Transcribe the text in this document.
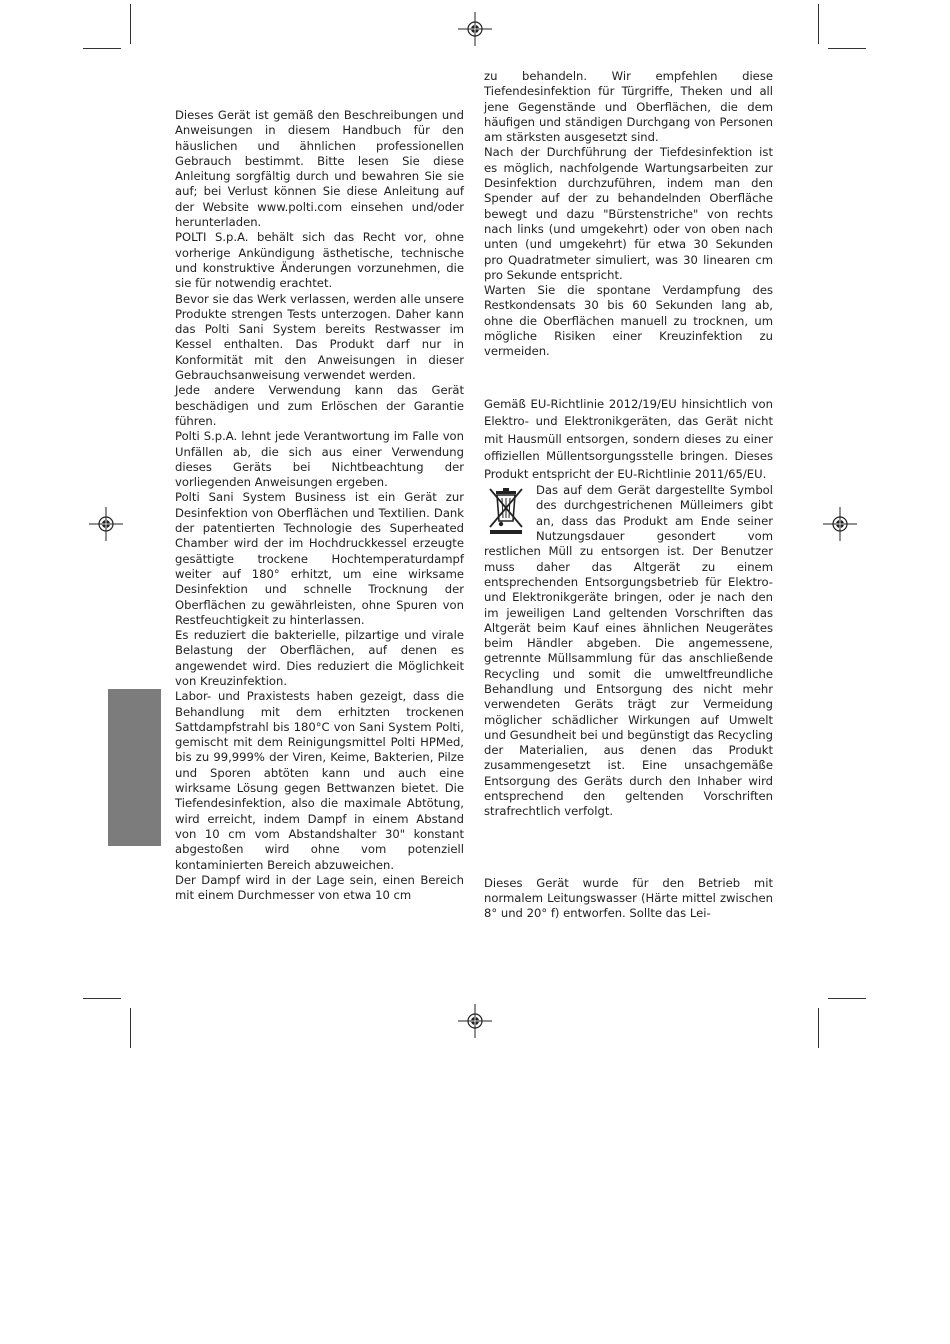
Dieses Gerät ist gemäß den Beschreibungen und Anweisungen in diesem Handbuch für den häuslichen und ähnlichen professionellen Gebrauch bestimmt. Bitte lesen Sie diese Anleitung sorgfältig durch und bewahren Sie sie auf; bei Verlust können Sie diese Anleitung auf der Website www.polti.com einsehen und/oder herunterladen.

POLTI S.p.A. behält sich das Recht vor, ohne vorherige Ankündigung ästhetische, technische und konstruktive Änderungen vorzunehmen, die sie für notwendig erachtet.

Bevor sie das Werk verlassen, werden alle unsere Produkte strengen Tests unterzogen. Daher kann das Polti Sani System bereits Restwasser im Kessel enthalten. Das Produkt darf nur in Konformität mit den Anweisungen in dieser Gebrauchsanweisung verwendet werden.

Jede andere Verwendung kann das Gerät beschädigen und zum Erlöschen der Garantie führen.

Polti S.p.A. lehnt jede Verantwortung im Falle von Unfällen ab, die sich aus einer Verwendung dieses Geräts bei Nichtbeachtung der vorliegenden Anweisungen ergeben.

Polti Sani System Business ist ein Gerät zur Desinfektion von Oberflächen und Textilien. Dank der patentierten Technologie des Superheated Chamber wird der im Hochdruckkessel erzeugte gesättigte trockene Hochtemperaturdampf weiter auf 180° erhitzt, um eine wirksame Desinfektion und schnelle Trocknung der Oberflächen zu gewährleisten, ohne Spuren von Restfeuchtigkeit zu hinterlassen.

Es reduziert die bakterielle, pilzartige und virale Belastung der Oberflächen, auf denen es angewendet wird. Dies reduziert die Möglichkeit von Kreuzinfektion.

Labor- und Praxistests haben gezeigt, dass die Behandlung mit dem erhitzten trockenen Sattdampfstrahl bis 180°C von Sani System Polti, gemischt mit dem Reinigungsmittel Polti HPMed, bis zu 99,999% der Viren, Keime, Bakterien, Pilze und Sporen abtöten kann und auch eine wirksame Lösung gegen Bettwanzen bietet. Die Tiefendesinfektion, also die maximale Abtötung, wird erreicht, indem Dampf in einem Abstand von 10 cm vom Abstandshalter 30" konstant abgestoßen wird ohne vom potenziell kontaminierten Bereich abzuweichen.

Der Dampf wird in der Lage sein, einen Bereich mit einem Durchmesser von etwa 10 cm

zu behandeln. Wir empfehlen diese Tiefendesinfektion für Türgriffe, Theken und all jene Gegenstände und Oberflächen, die dem häufigen und ständigen Durchgang von Personen am stärksten ausgesetzt sind.

Nach der Durchführung der Tiefdesinfektion ist es möglich, nachfolgende Wartungsarbeiten zur Desinfektion durchzuführen, indem man den Spender auf der zu behandelnden Oberfläche bewegt und dazu "Bürstenstriche" von rechts nach links (und umgekehrt) oder von oben nach unten (und umgekehrt) für etwa 30 Sekunden pro Quadratmeter simuliert, was 30 linearen cm pro Sekunde entspricht.

Warten Sie die spontane Verdampfung des Restkondensats 30 bis 60 Sekunden lang ab, ohne die Oberflächen manuell zu trocknen, um mögliche Risiken einer Kreuzinfektion zu vermeiden.

Gemäß EU-Richtlinie 2012/19/EU hinsichtlich von Elektro- und Elektronikgeräten, das Gerät nicht mit Hausmüll entsorgen, sondern dieses zu einer offiziellen Müllentsorgungsstelle bringen. Dieses Produkt entspricht der EU-Richtlinie 2011/65/EU.

Das auf dem Gerät dargestellte Symbol des durchgestrichenen Mülleimers gibt an, dass das Produkt am Ende seiner Nutzungsdauer gesondert vom restlichen Müll zu entsorgen ist. Der Benutzer muss daher das Altgerät zu einem entsprechenden Entsorgungsbetrieb für Elektro- und Elektronikgeräte bringen, oder je nach den im jeweiligen Land geltenden Vorschriften das Altgerät beim Kauf eines ähnlichen Neugerätes beim Händler abgeben. Die angemessene, getrennte Müllsammlung für das anschließende Recycling und somit die umweltfreundliche Behandlung und Entsorgung des nicht mehr verwendeten Geräts trägt zur Vermeidung möglicher schädlicher Wirkungen auf Umwelt und Gesundheit bei und begünstigt das Recycling der Materialien, aus denen das Produkt zusammengesetzt ist. Eine unsachgemäße Entsorgung des Geräts durch den Inhaber wird entsprechend den geltenden Vorschriften strafrechtlich verfolgt.

Dieses Gerät wurde für den Betrieb mit normalem Leitungswasser (Härte mittel zwischen 8° und 20° f) entworfen. Sollte das Lei-
